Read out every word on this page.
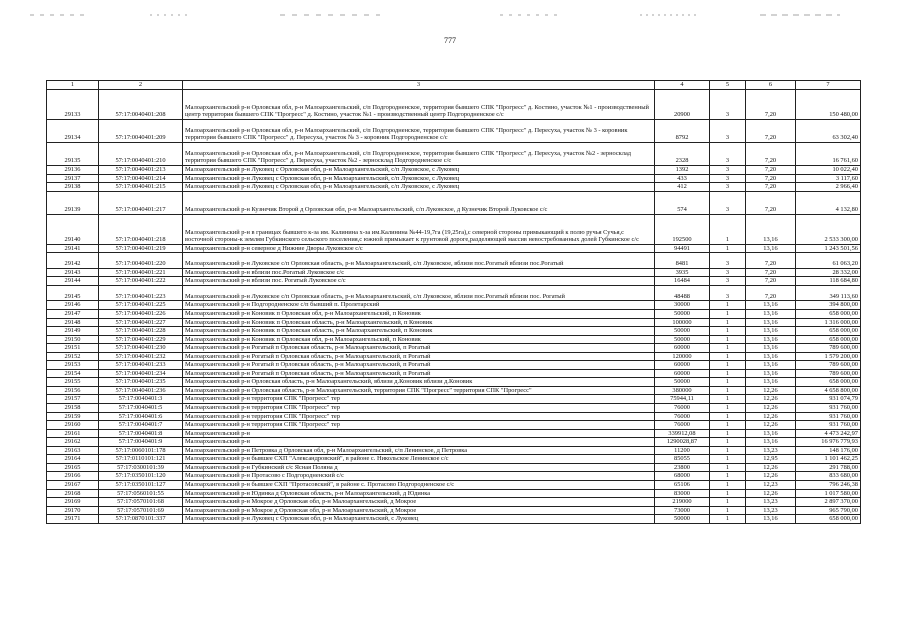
777
1	2	3	4	5	6	7
29133	57:17:0040401:208	Малоархангельский р-н Орловская обл, р-н Малоархангельский, с/п Подгородненское, территория бывшего СПК "Прогресс" д. Костино, участок №1 - производственный центр территория бывшего СПК "Прогресс" д. Костино, участок №1 - производственный центр Подгородненское с/с	20900	3	7,20	150 480,00
29134	57:17:0040401:209	Малоархангельский р-н Орловская обл, р-н Малоархангельский, с/п Подгородненское, территория бывшего СПК "Прогресс" д. Пересуха, участок № 3 - коровник территория бывшего СПК "Прогресс" д. Пересуха, участок № 3 - коровник Подгородненское с/с	8792	3	7,20	63 302,40
29135	57:17:0040401:210	Малоархангельский р-н Орловская обл, р-н Малоархангельский, с/п Подгородненское, территория бывшего СПК "Прогресс" д. Пересуха, участок №2 - зерносклад территория бывшего СПК "Прогресс" д. Пересуха, участок №2 - зерносклад Подгородненское с/с	2328	3	7,20	16 761,60
29136	57:17:0040401:213	Малоархангельский р-н Луковец с Орловская обл, р-н Малоархангельский, с/п Луковское, с Луковец	1392	3	7,20	10 022,40
29137	57:17:0040401:214	Малоархангельский р-н Луковец с Орловская обл, р-н Малоархангельский, с/п Луковское, с Луковец	433	3	7,20	3 117,60
29138	57:17:0040401:215	Малоархангельский р-н Луковец с Орловская обл, р-н Малоархангельский, с/п Луковское, с Луковец	412	3	7,20	2 966,40
29139	57:17:0040401:217	Малоархангельский р-н Кузнечик Второй д Орловская обл, р-н Малоархангельский, с/п Луковское, д Кузнечик Второй Луковское с/с	574	3	7,20	4 132,80
29140	57:17:0040401:218	Малоархангельский р-н в границах бывшего к-за им. Калинина х-за им.Калинина №44-19,7га (19,25га),с северной стороны примыкающий к полю ручья Сучья,с восточной стороны-к землям Губкинского сельского поселения,с южной примыкает к грунтовой дороге,разделяющей массив невостребованных долей Губкинское с/с	192500	1	13,16	2 533 300,00
29141	57:17:0040401:219	Малоархангельский р-н северное д Нижние Дворы Луковское с/с	94491	1	13,16	1 243 501,56
29142	57:17:0040401:220	Малоархангельский р-н Луковское с/п Орловская область, р-н Малоархангельский, с/п Луковское, вблизи пос.Рогатый вблизи пос.Рогатый	8481	3	7,20	61 063,20
29143	57:17:0040401:221	Малоархангельский р-н вблизи пос.Рогатый Луковское с/с	3935	3	7,20	28 332,00
29144	57:17:0040401:222	Малоархангельский р-н вблизи пос. Рогатый Луковское с/с	16484	3	7,20	118 684,80
29145	57:17:0040401:223	Малоархангельский р-н Луковское с/п Орловская область, р-н Малоархангельский, с/п Луковское, вблизи пос.Рогатый вблизи пос. Рогатый	48488	3	7,20	349 113,60
29146	57:17:0040401:225	Малоархангельский р-н Подгородненское с/п бывший п. Пролетарский	30000	1	13,16	394 800,00
29147	57:17:0040401:226	Малоархангельский р-н Коновик п Орловская обл, р-н Малоархангельский, п Коновик	50000	1	13,16	658 000,00
29148	57:17:0040401:227	Малоархангельский р-н Коновик п Орловская область, р-н Малоархангельский, п Коновик	100000	1	13,16	1 316 000,00
29149	57:17:0040401:228	Малоархангельский р-н Коновик п Орловская область, р-н Малоархангельский, п Коновик	50000	1	13,16	658 000,00
29150	57:17:0040401:229	Малоархангельский р-н Коновик п Орловская обл, р-н Малоархангельский, п Коновик	50000	1	13,16	658 000,00
29151	57:17:0040401:230	Малоархангельский р-н Рогатый п Орловская область, р-н Малоархангельский, п Рогатый	60000	1	13,16	789 600,00
29152	57:17:0040401:232	Малоархангельский р-н Рогатый п Орловская область, р-н Малоархангельский, п Рогатый	120000	1	13,16	1 579 200,00
29153	57:17:0040401:233	Малоархангельский р-н Рогатый п Орловская область, р-н Малоархангельский, п Рогатый	60000	1	13,16	789 600,00
29154	57:17:0040401:234	Малоархангельский р-н Рогатый п Орловская область, р-н Малоархангельский, п Рогатый	60000	1	13,16	789 600,00
29155	57:17:0040401:235	Малоархангельский р-н Орловская область, р-н Малоархангельский, вблизи д.Коновик вблизи д.Коновик	50000	1	13,16	658 000,00
29156	57:17:0040401:236	Малоархангельский р-н Орловская область, р-н Малоархангельский, территория СПК "Прогресс" территория СПК "Прогресс"	380000	1	12,26	4 658 800,00
29157	57:17:0040401:3	Малоархангельский р-н территория СПК "Прогресс" тер	75944,11	1	12,26	931 074,79
29158	57:17:0040401:5	Малоархангельский р-н территория СПК "Прогресс" тер	76000	1	12,26	931 760,00
29159	57:17:0040401:6	Малоархангельский р-н территория СПК "Прогресс" тер	76000	1	12,26	931 760,00
29160	57:17:0040401:7	Малоархангельский р-н территория СПК "Прогресс" тер	76000	1	12,26	931 760,00
29161	57:17:0040401:8	Малоархангельский р-н	339912,08	1	13,16	4 473 242,97
29162	57:17:0040401:9	Малоархангельский р-н	1290028,87	1	13,16	16 976 779,93
29163	57:17:0060101:178	Малоархангельский р-н Петровка д Орловская обл, р-н Малоархангельский, с/п Ленинское, д Петровка	11200	1	13,23	148 176,00
29164	57:17:0110101:121	Малоархангельский р-н бывшее СХП "Александровский", в районе с. Никольское Ленинское с/с	85055	1	12,95	1 101 462,25
29165	57:17:0300101:39	Малоархангельский р-н Губкинский с/с Ясная Поляна д	23800	1	12,26	291 788,00
29166	57:17:0350101:120	Малоархангельский р-н Протасово с Подгородненский с/с	68000	1	12,26	833 680,00
29167	57:17:0350101:127	Малоархангельский р-н бывшее СХП "Протасовский", в районе с. Протасово Подгородненское с/с	65106	1	12,23	796 246,38
29168	57:17:0560101:55	Малоархангельский р-н Юдинка д Орловская область, р-н Малоархангельский, д Юдинка	83000	1	12,26	1 017 580,00
29169	57:17:0570101:68	Малоархангельский р-н Мокрое д Орловская обл, р-н Малоархангельский, д Мокрое	219000	1	13,23	2 897 370,00
29170	57:17:0570101:69	Малоархангельский р-н Мокрое д Орловская обл, р-н Малоархангельский, д Мокрое	73000	1	13,23	965 790,00
29171	57:17:0870101:337	Малоархангельский р-н Луковец с Орловская обл, р-н Малоархангельский, с Луковец	50000	1	13,16	658 000,00
